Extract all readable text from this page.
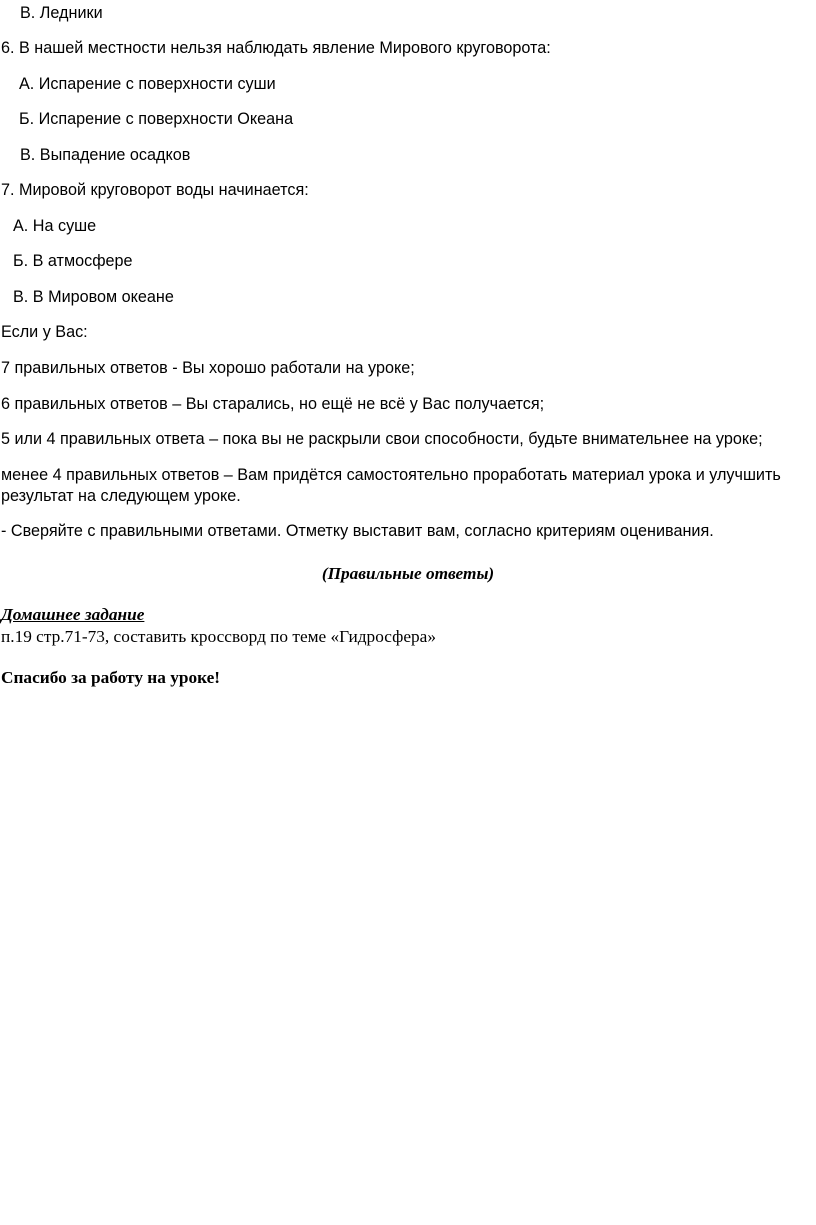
В. Ледники
6. В нашей местности нельзя наблюдать явление Мирового круговорота:
А. Испарение с поверхности суши
Б. Испарение с поверхности Океана
В. Выпадение осадков
7. Мировой круговорот воды начинается:
А. На суше
Б. В атмосфере
В. В Мировом океане
Если у Вас:
7 правильных ответов - Вы хорошо работали на уроке;
6 правильных ответов – Вы старались, но ещё не всё у Вас получается;
5 или 4 правильных ответа – пока вы не раскрыли свои способности, будьте внимательнее на уроке;
менее 4 правильных ответов – Вам придётся самостоятельно проработать материал урока и улучшить результат на следующем уроке.
- Сверяйте с правильными ответами. Отметку выставит вам, согласно критериям оценивания.
(Правильные ответы)
Домашнее задание
п.19 стр.71-73, составить кроссворд по теме «Гидросфера»
Спасибо за работу на уроке!
